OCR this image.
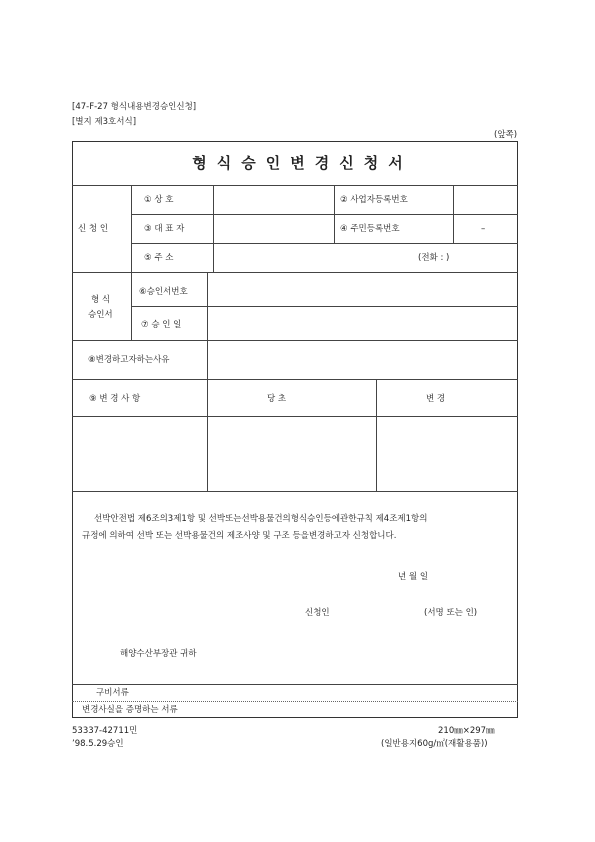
[47-F-27 형식내용변경승인신청]
[별지 제3호서식]
(앞쪽)
형식승인변경신청서
신 청 인
① 상 호	② 사업자등록번호
③ 대 표 자	④ 주민등록번호	–
⑤ 주 소	(전화 : )
형 식
승인서
⑥승인서번호
⑦ 승 인 일
⑧변경하고자하는사유
⑨ 변 경 사 항	당 초	변 경
선박안전법 제6조의3제1항 및 선박또는선박용물건의형식승인등에관한규칙 제4조제1항의
규정에 의하여 선박 또는 선박용물건의 제조사양 및 구조 등을변경하고자 신청합니다.
년 월 일
신청인	(서명 또는 인)
해양수산부장관 귀하
구비서류
변경사실을 증명하는 서류
53337-42711민
’98.5.29승인
210㎜×297㎜
(일반용지60g/㎡(재활용품))
